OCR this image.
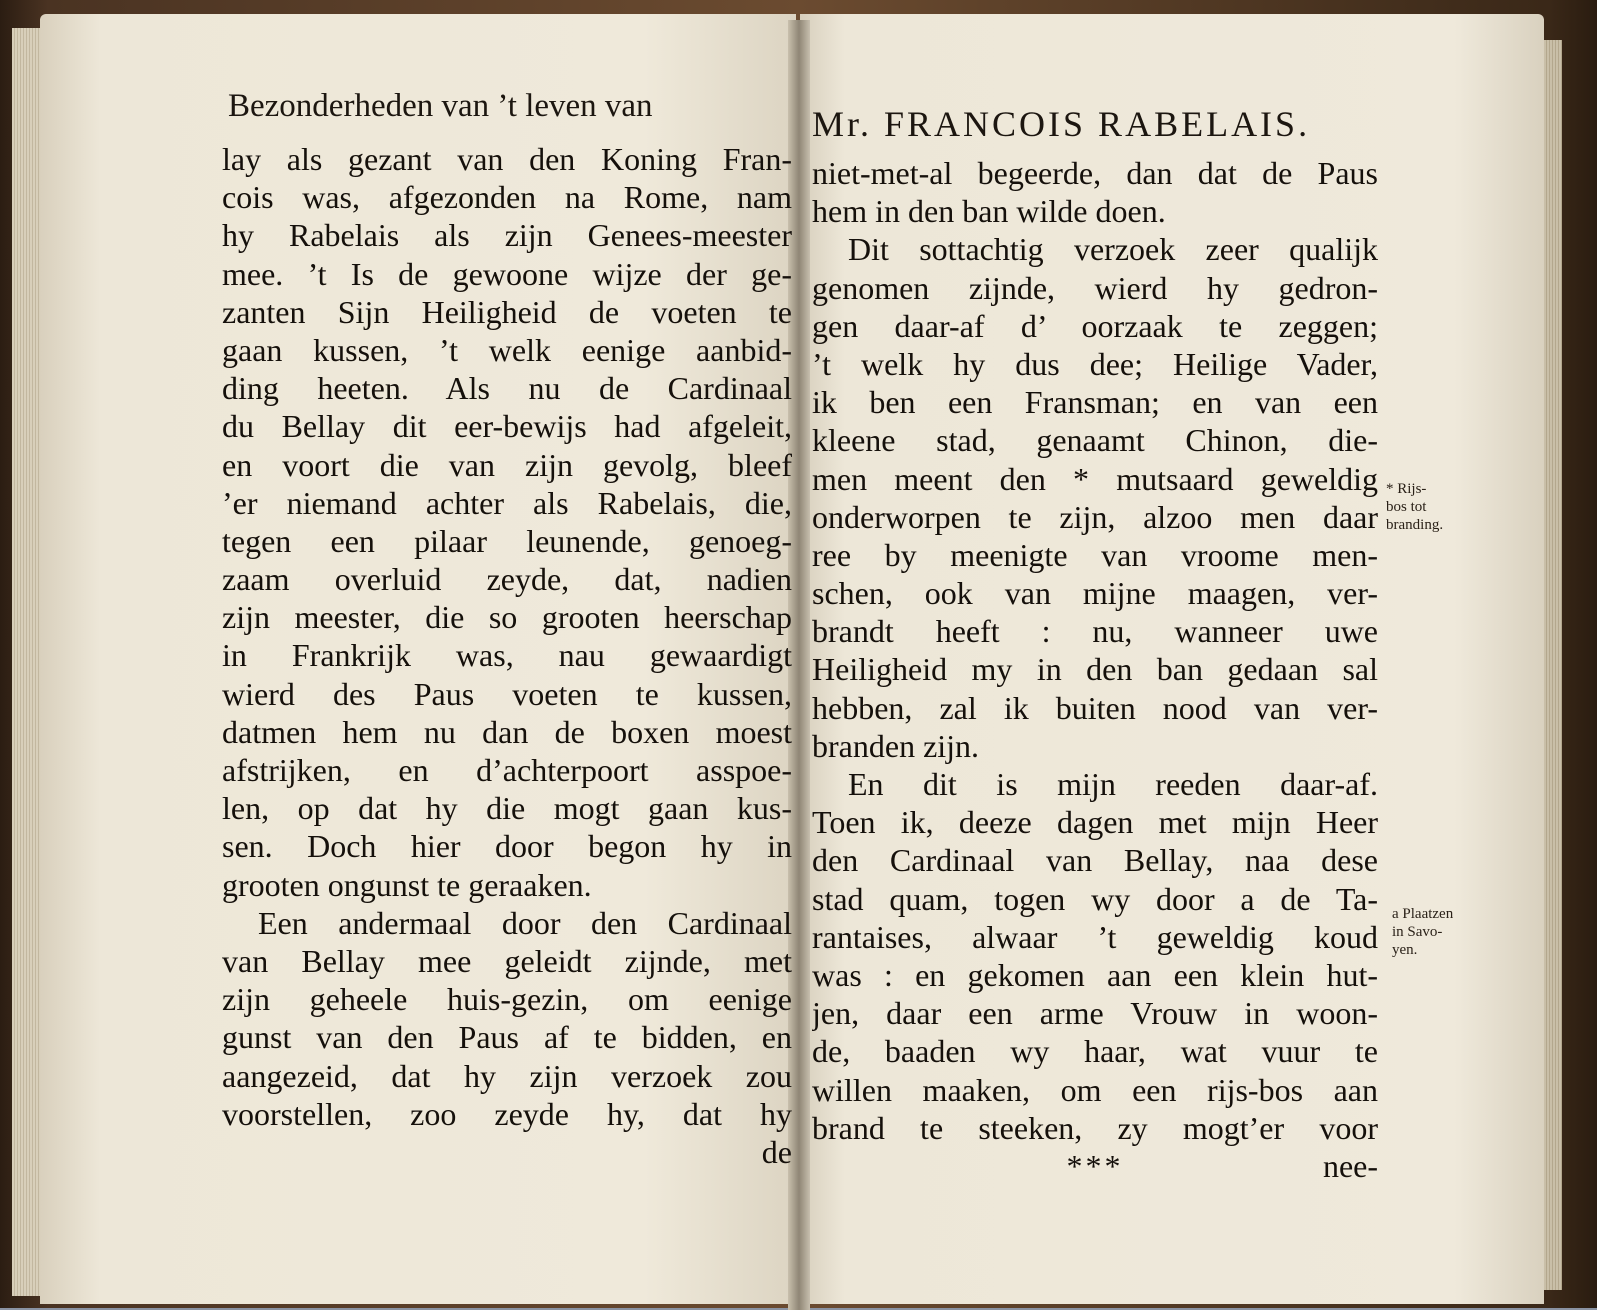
Bezonderheden van ’t leven van	Mr. FRANCOIS RABELAIS.
lay als gezant van den Koning Fran-
cois was, afgezonden na Rome, nam
hy Rabelais als zijn Genees-meester
mee. ’t Is de gewoone wijze der ge-
zanten Sijn Heiligheid de voeten te
gaan kussen, ’t welk eenige aanbid-
ding heeten. Als nu de Cardinaal
du Bellay dit eer-bewijs had afgeleit,
en voort die van zijn gevolg, bleef
’er niemand achter als Rabelais, die,
tegen een pilaar leunende, genoeg-
zaam overluid zeyde, dat, nadien
zijn meester, die so grooten heerschap
in Frankrijk was, nau gewaardigt
wierd des Paus voeten te kussen,
datmen hem nu dan de boxen moest
afstrijken, en d’achterpoort asspoe-
len, op dat hy die mogt gaan kus-
sen. Doch hier door begon hy in
grooten ongunst te geraaken.
Een andermaal door den Cardinaal
van Bellay mee geleidt zijnde, met
zijn geheele huis-gezin, om eenige
gunst van den Paus af te bidden, en
aangezeid, dat hy zijn verzoek zou
voorstellen, zoo zeyde hy, dat hy
de
niet-met-al begeerde, dan dat de Paus
hem in den ban wilde doen.
Dit sottachtig verzoek zeer qualijk
genomen zijnde, wierd hy gedron-
gen daar-af d’ oorzaak te zeggen;
’t welk hy dus dee; Heilige Vader,
ik ben een Fransman; en van een
kleene stad, genaamt Chinon, die-
men meent den * mutsaard geweldig
onderworpen te zijn, alzoo men daar
ree by meenigte van vroome men-
schen, ook van mijne maagen, ver-
brandt heeft : nu, wanneer uwe
Heiligheid my in den ban gedaan sal
hebben, zal ik buiten nood van ver-
branden zijn.
En dit is mijn reeden daar-af.
Toen ik, deeze dagen met mijn Heer
den Cardinaal van Bellay, naa dese
stad quam, togen wy door a de Ta-
rantaises, alwaar ’t geweldig koud
was : en gekomen aan een klein hut-
jen, daar een arme Vrouw in woon-
de, baaden wy haar, wat vuur te
willen maaken, om een rijs-bos aan
brand te steeken, zy mogt’er voor
***	nee-
* Rijs-
bos tot
branding.
a Plaatzen
in Savo-
yen.
